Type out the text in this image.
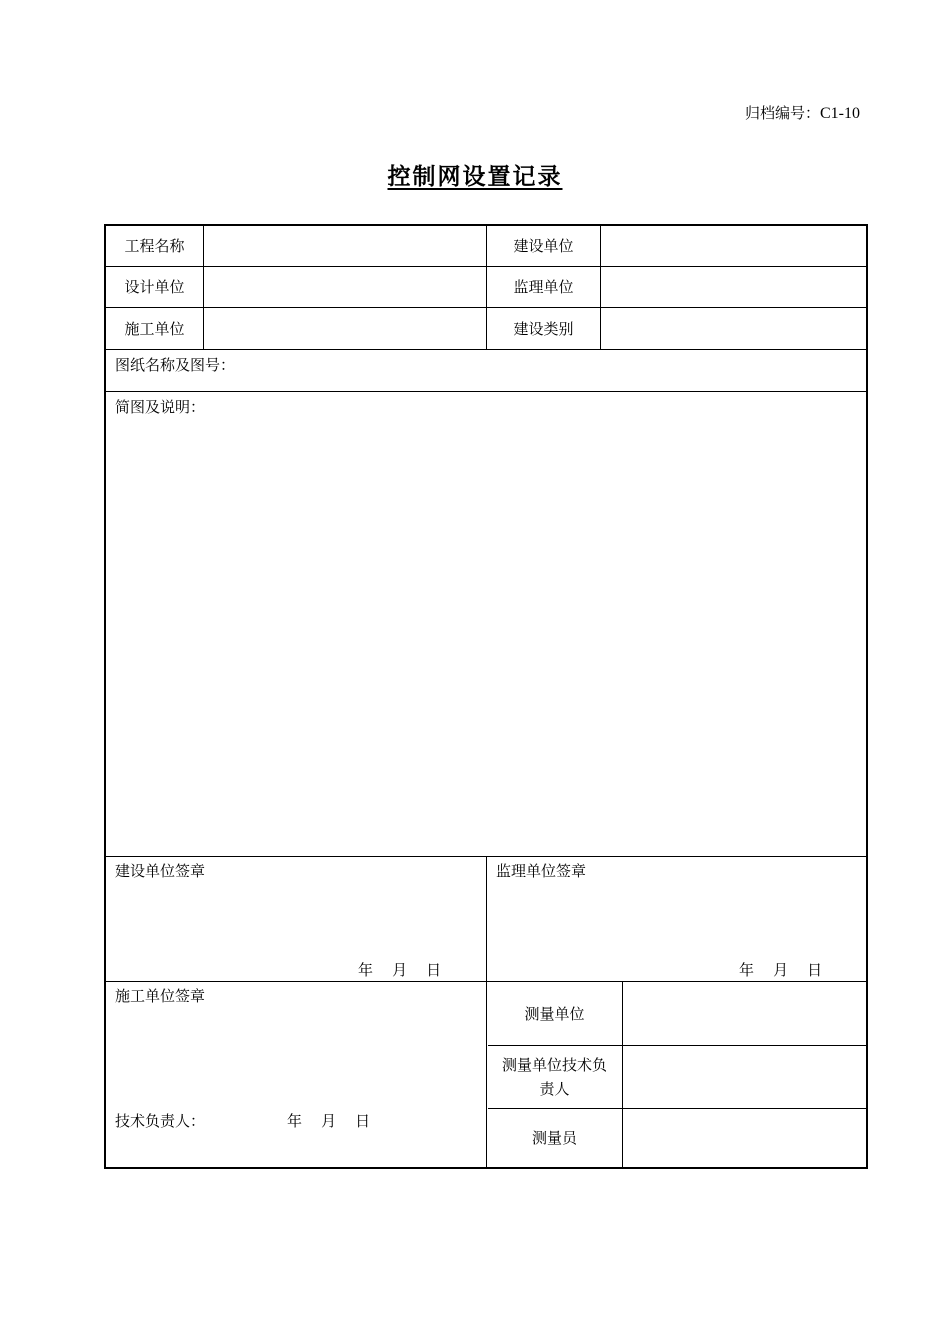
归档编号：C1-10
控制网设置记录
工程名称	建设单位
设计单位	监理单位
施工单位	建设类别
图纸名称及图号：
简图及说明：
建设单位签章
年    月    日
监理单位签章
年    月    日
施工单位签章
技术负责人：	年    月    日
测量单位
测量单位技术负责人
测量员
